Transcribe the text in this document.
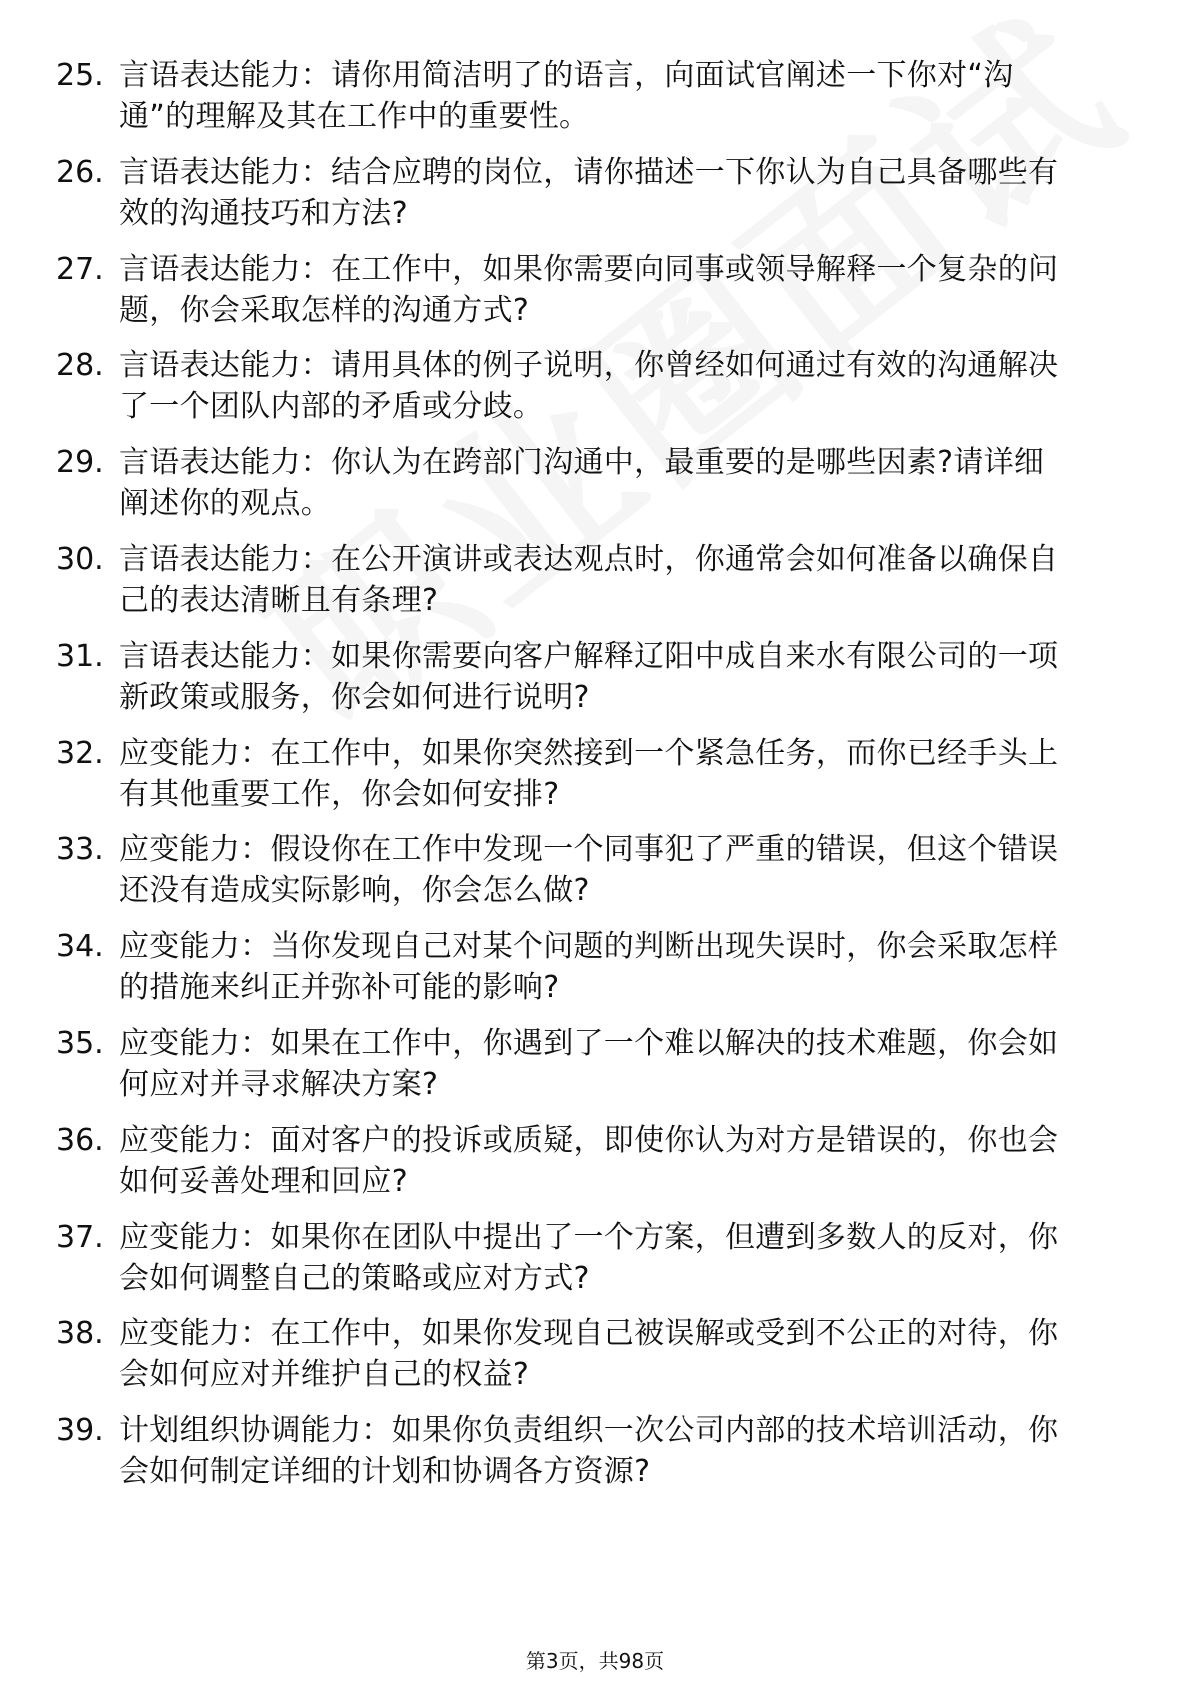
25. 言语表达能力：请你用简洁明了的语言，向面试官阐述一下你对“沟通”的理解及其在工作中的重要性。
26. 言语表达能力：结合应聘的岗位，请你描述一下你认为自己具备哪些有效的沟通技巧和方法?
27. 言语表达能力：在工作中，如果你需要向同事或领导解释一个复杂的问题，你会采取怎样的沟通方式?
28. 言语表达能力：请用具体的例子说明，你曾经如何通过有效的沟通解决了一个团队内部的矛盾或分歧。
29. 言语表达能力：你认为在跨部门沟通中，最重要的是哪些因素?请详细阐述你的观点。
30. 言语表达能力：在公开演讲或表达观点时，你通常会如何准备以确保自己的表达清晰且有条理?
31. 言语表达能力：如果你需要向客户解释辽阳中成自来水有限公司的一项新政策或服务，你会如何进行说明?
32. 应变能力：在工作中，如果你突然接到一个紧急任务，而你已经手头上有其他重要工作，你会如何安排?
33. 应变能力：假设你在工作中发现一个同事犯了严重的错误，但这个错误还没有造成实际影响，你会怎么做?
34. 应变能力：当你发现自己对某个问题的判断出现失误时，你会采取怎样的措施来纠正并弥补可能的影响?
35. 应变能力：如果在工作中，你遇到了一个难以解决的技术难题，你会如何应对并寻求解决方案?
36. 应变能力：面对客户的投诉或质疑，即使你认为对方是错误的，你也会如何妥善处理和回应?
37. 应变能力：如果你在团队中提出了一个方案，但遭到多数人的反对，你会如何调整自己的策略或应对方式?
38. 应变能力：在工作中，如果你发现自己被误解或受到不公正的对待，你会如何应对并维护自己的权益?
39. 计划组织协调能力：如果你负责组织一次公司内部的技术培训活动，你会如何制定详细的计划和协调各方资源?
第3页，共98页
